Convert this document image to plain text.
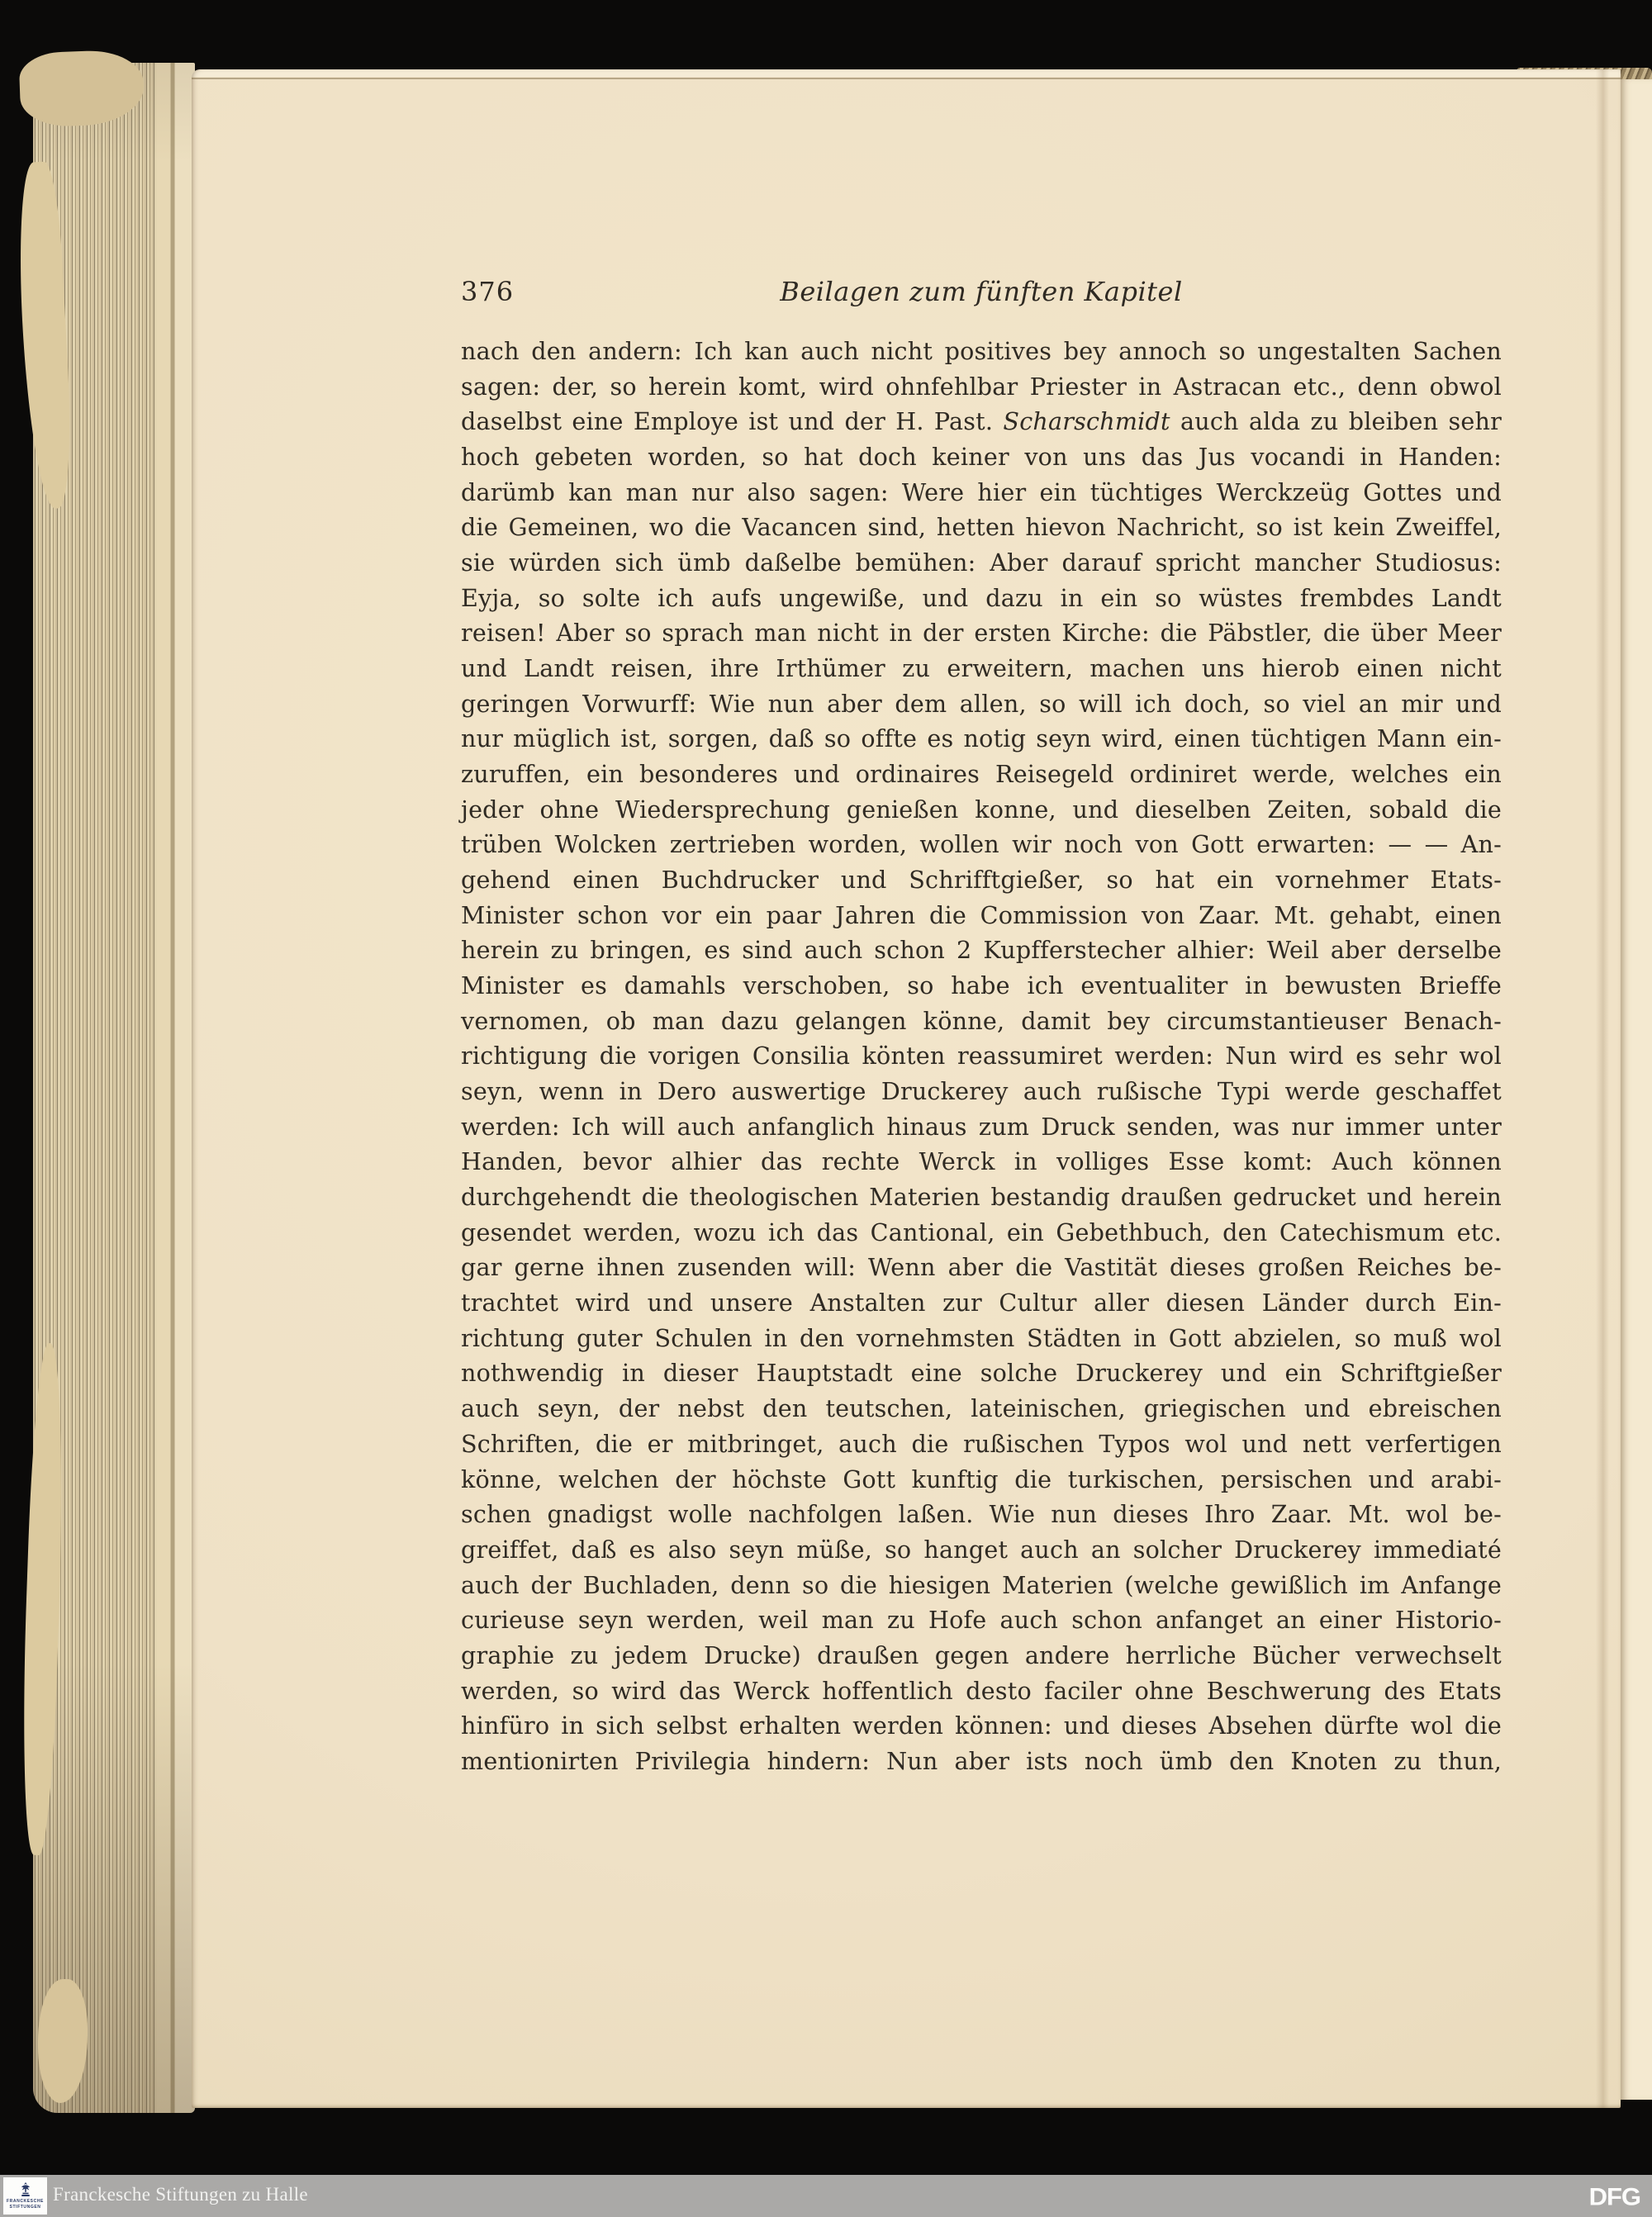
376	Beilagen zum fünften Kapitel
nach den andern: Ich kan auch nicht positives bey annoch so ungestalten Sachen
sagen: der, so herein komt, wird ohnfehlbar Priester in Astracan etc., denn obwol
daselbst eine Employe ist und der H. Past. Scharschmidt auch alda zu bleiben sehr
hoch gebeten worden, so hat doch keiner von uns das Jus vocandi in Handen:
darümb kan man nur also sagen: Were hier ein tüchtiges Werckzeüg Gottes und
die Gemeinen, wo die Vacancen sind, hetten hievon Nachricht, so ist kein Zweiffel,
sie würden sich ümb daßelbe bemühen: Aber darauf spricht mancher Studiosus:
Eyja, so solte ich aufs ungewiße, und dazu in ein so wüstes frembdes Landt
reisen! Aber so sprach man nicht in der ersten Kirche: die Päbstler, die über Meer
und Landt reisen, ihre Irthümer zu erweitern, machen uns hierob einen nicht
geringen Vorwurff: Wie nun aber dem allen, so will ich doch, so viel an mir und
nur müglich ist, sorgen, daß so offte es notig seyn wird, einen tüchtigen Mann ein-
zuruffen, ein besonderes und ordinaires Reisegeld ordiniret werde, welches ein
jeder ohne Wiedersprechung genießen konne, und dieselben Zeiten, sobald die
trüben Wolcken zertrieben worden, wollen wir noch von Gott erwarten: — — An-
gehend einen Buchdrucker und Schrifftgießer, so hat ein vornehmer Etats-
Minister schon vor ein paar Jahren die Commission von Zaar. Mt. gehabt, einen
herein zu bringen, es sind auch schon 2 Kupfferstecher alhier: Weil aber derselbe
Minister es damahls verschoben, so habe ich eventualiter in bewusten Brieffe
vernomen, ob man dazu gelangen könne, damit bey circumstantieuser Benach-
richtigung die vorigen Consilia könten reassumiret werden: Nun wird es sehr wol
seyn, wenn in Dero auswertige Druckerey auch rußische Typi werde geschaffet
werden: Ich will auch anfanglich hinaus zum Druck senden, was nur immer unter
Handen, bevor alhier das rechte Werck in volliges Esse komt: Auch können
durchgehendt die theologischen Materien bestandig draußen gedrucket und herein
gesendet werden, wozu ich das Cantional, ein Gebethbuch, den Catechismum etc.
gar gerne ihnen zusenden will: Wenn aber die Vastität dieses großen Reiches be-
trachtet wird und unsere Anstalten zur Cultur aller diesen Länder durch Ein-
richtung guter Schulen in den vornehmsten Städten in Gott abzielen, so muß wol
nothwendig in dieser Hauptstadt eine solche Druckerey und ein Schriftgießer
auch seyn, der nebst den teutschen, lateinischen, griegischen und ebreischen
Schriften, die er mitbringet, auch die rußischen Typos wol und nett verfertigen
könne, welchen der höchste Gott kunftig die turkischen, persischen und arabi-
schen gnadigst wolle nachfolgen laßen. Wie nun dieses Ihro Zaar. Mt. wol be-
greiffet, daß es also seyn müße, so hanget auch an solcher Druckerey immediaté
auch der Buchladen, denn so die hiesigen Materien (welche gewißlich im Anfange
curieuse seyn werden, weil man zu Hofe auch schon anfanget an einer Historio-
graphie zu jedem Drucke) draußen gegen andere herrliche Bücher verwechselt
werden, so wird das Werck hoffentlich desto faciler ohne Beschwerung des Etats
hinfüro in sich selbst erhalten werden können: und dieses Absehen dürfte wol die
mentionirten Privilegia hindern: Nun aber ists noch ümb den Knoten zu thun,
FRANCKESCHE
STIFTUNGEN
Franckesche Stiftungen zu Halle	DFG
